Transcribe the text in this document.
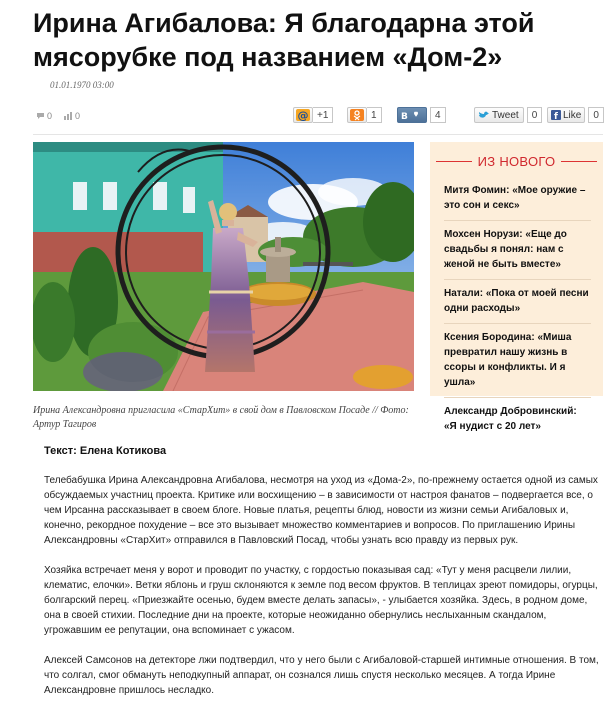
Ирина Агибалова: Я благодарна этой мясорубке под названием «Дом-2»
01.01.1970 03:00
0	0	@ +1	1	B	4	Tweet	0	f Like	0
Ирина Александровна пригласила «СтарХит» в свой дом в Павловском Посаде // Фото: Артур Тагиров
ИЗ НОВОГО
Митя Фомин: «Мое оружие – это сон и секс»
Мохсен Норузи: «Еще до свадьбы я понял: нам с женой не быть вместе»
Натали: «Пока от моей песни одни расходы»
Ксения Бородина: «Миша превратил нашу жизнь в ссоры и конфликты. И я ушла»
Александр Добровинский: «Я нудист с 20 лет»
Текст: Елена Котикова

Телебабушка Ирина Александровна Агибалова, несмотря на уход из «Дома-2», по-прежнему остается одной из самых обсуждаемых участниц проекта. Критике или восхищению – в зависимости от настроя фанатов – подвергается все, о чем Ирсанна рассказывает в своем блоге. Новые платья, рецепты блюд, новости из жизни семьи Агибаловых и, конечно, рекордное похудение – все это вызывает множество комментариев и вопросов. По приглашению Ирины Александровны «СтарХит» отправился в Павловский Посад, чтобы узнать всю правду из первых рук.

Хозяйка встречает меня у ворот и проводит по участку, с гордостью показывая сад: «Тут у меня расцвели лилии, клематис, елочки». Ветки яблонь и груш склоняются к земле под весом фруктов. В теплицах зреют помидоры, огурцы, болгарский перец. «Приезжайте осенью, будем вместе делать запасы», - улыбается хозяйка. Здесь, в родном доме, она в своей стихии. Последние дни на проекте, которые неожиданно обернулись неслыханным скандалом, угрожавшим ее репутации, она вспоминает с ужасом.

Алексей Самсонов на детекторе лжи подтвердил, что у него были с Агибаловой-старшей интимные отношения. В том, что солгал, смог обмануть неподкупный аппарат, он сознался лишь спустя несколько месяцев. А тогда Ирине Александровне пришлось несладко.
